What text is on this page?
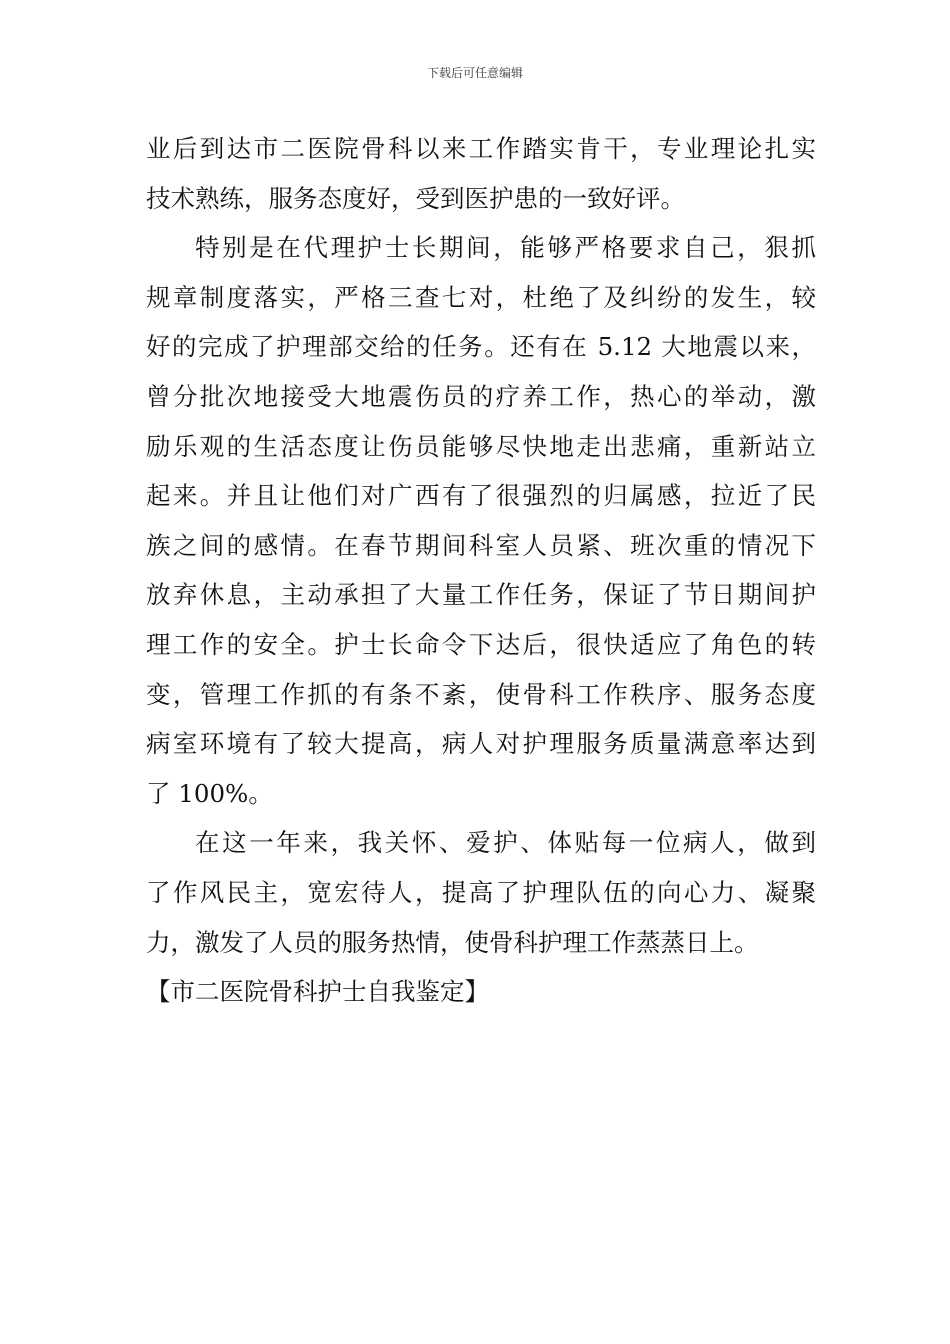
下载后可任意编辑
业后到达市二医院骨科以来工作踏实肯干，专业理论扎实
技术熟练，服务态度好，受到医护患的一致好评。
特别是在代理护士长期间，能够严格要求自己，狠抓
规章制度落实，严格三查七对，杜绝了及纠纷的发生，较
好的完成了护理部交给的任务。还有在 5.12 大地震以来，
曾分批次地接受大地震伤员的疗养工作，热心的举动，激
励乐观的生活态度让伤员能够尽快地走出悲痛，重新站立
起来。并且让他们对广西有了很强烈的归属感，拉近了民
族之间的感情。在春节期间科室人员紧、班次重的情况下
放弃休息，主动承担了大量工作任务，保证了节日期间护
理工作的安全。护士长命令下达后，很快适应了角色的转
变，管理工作抓的有条不紊，使骨科工作秩序、服务态度
病室环境有了较大提高，病人对护理服务质量满意率达到
了 100%。
在这一年来，我关怀、爱护、体贴每一位病人，做到
了作风民主，宽宏待人，提高了护理队伍的向心力、凝聚
力，激发了人员的服务热情，使骨科护理工作蒸蒸日上。
【市二医院骨科护士自我鉴定】
